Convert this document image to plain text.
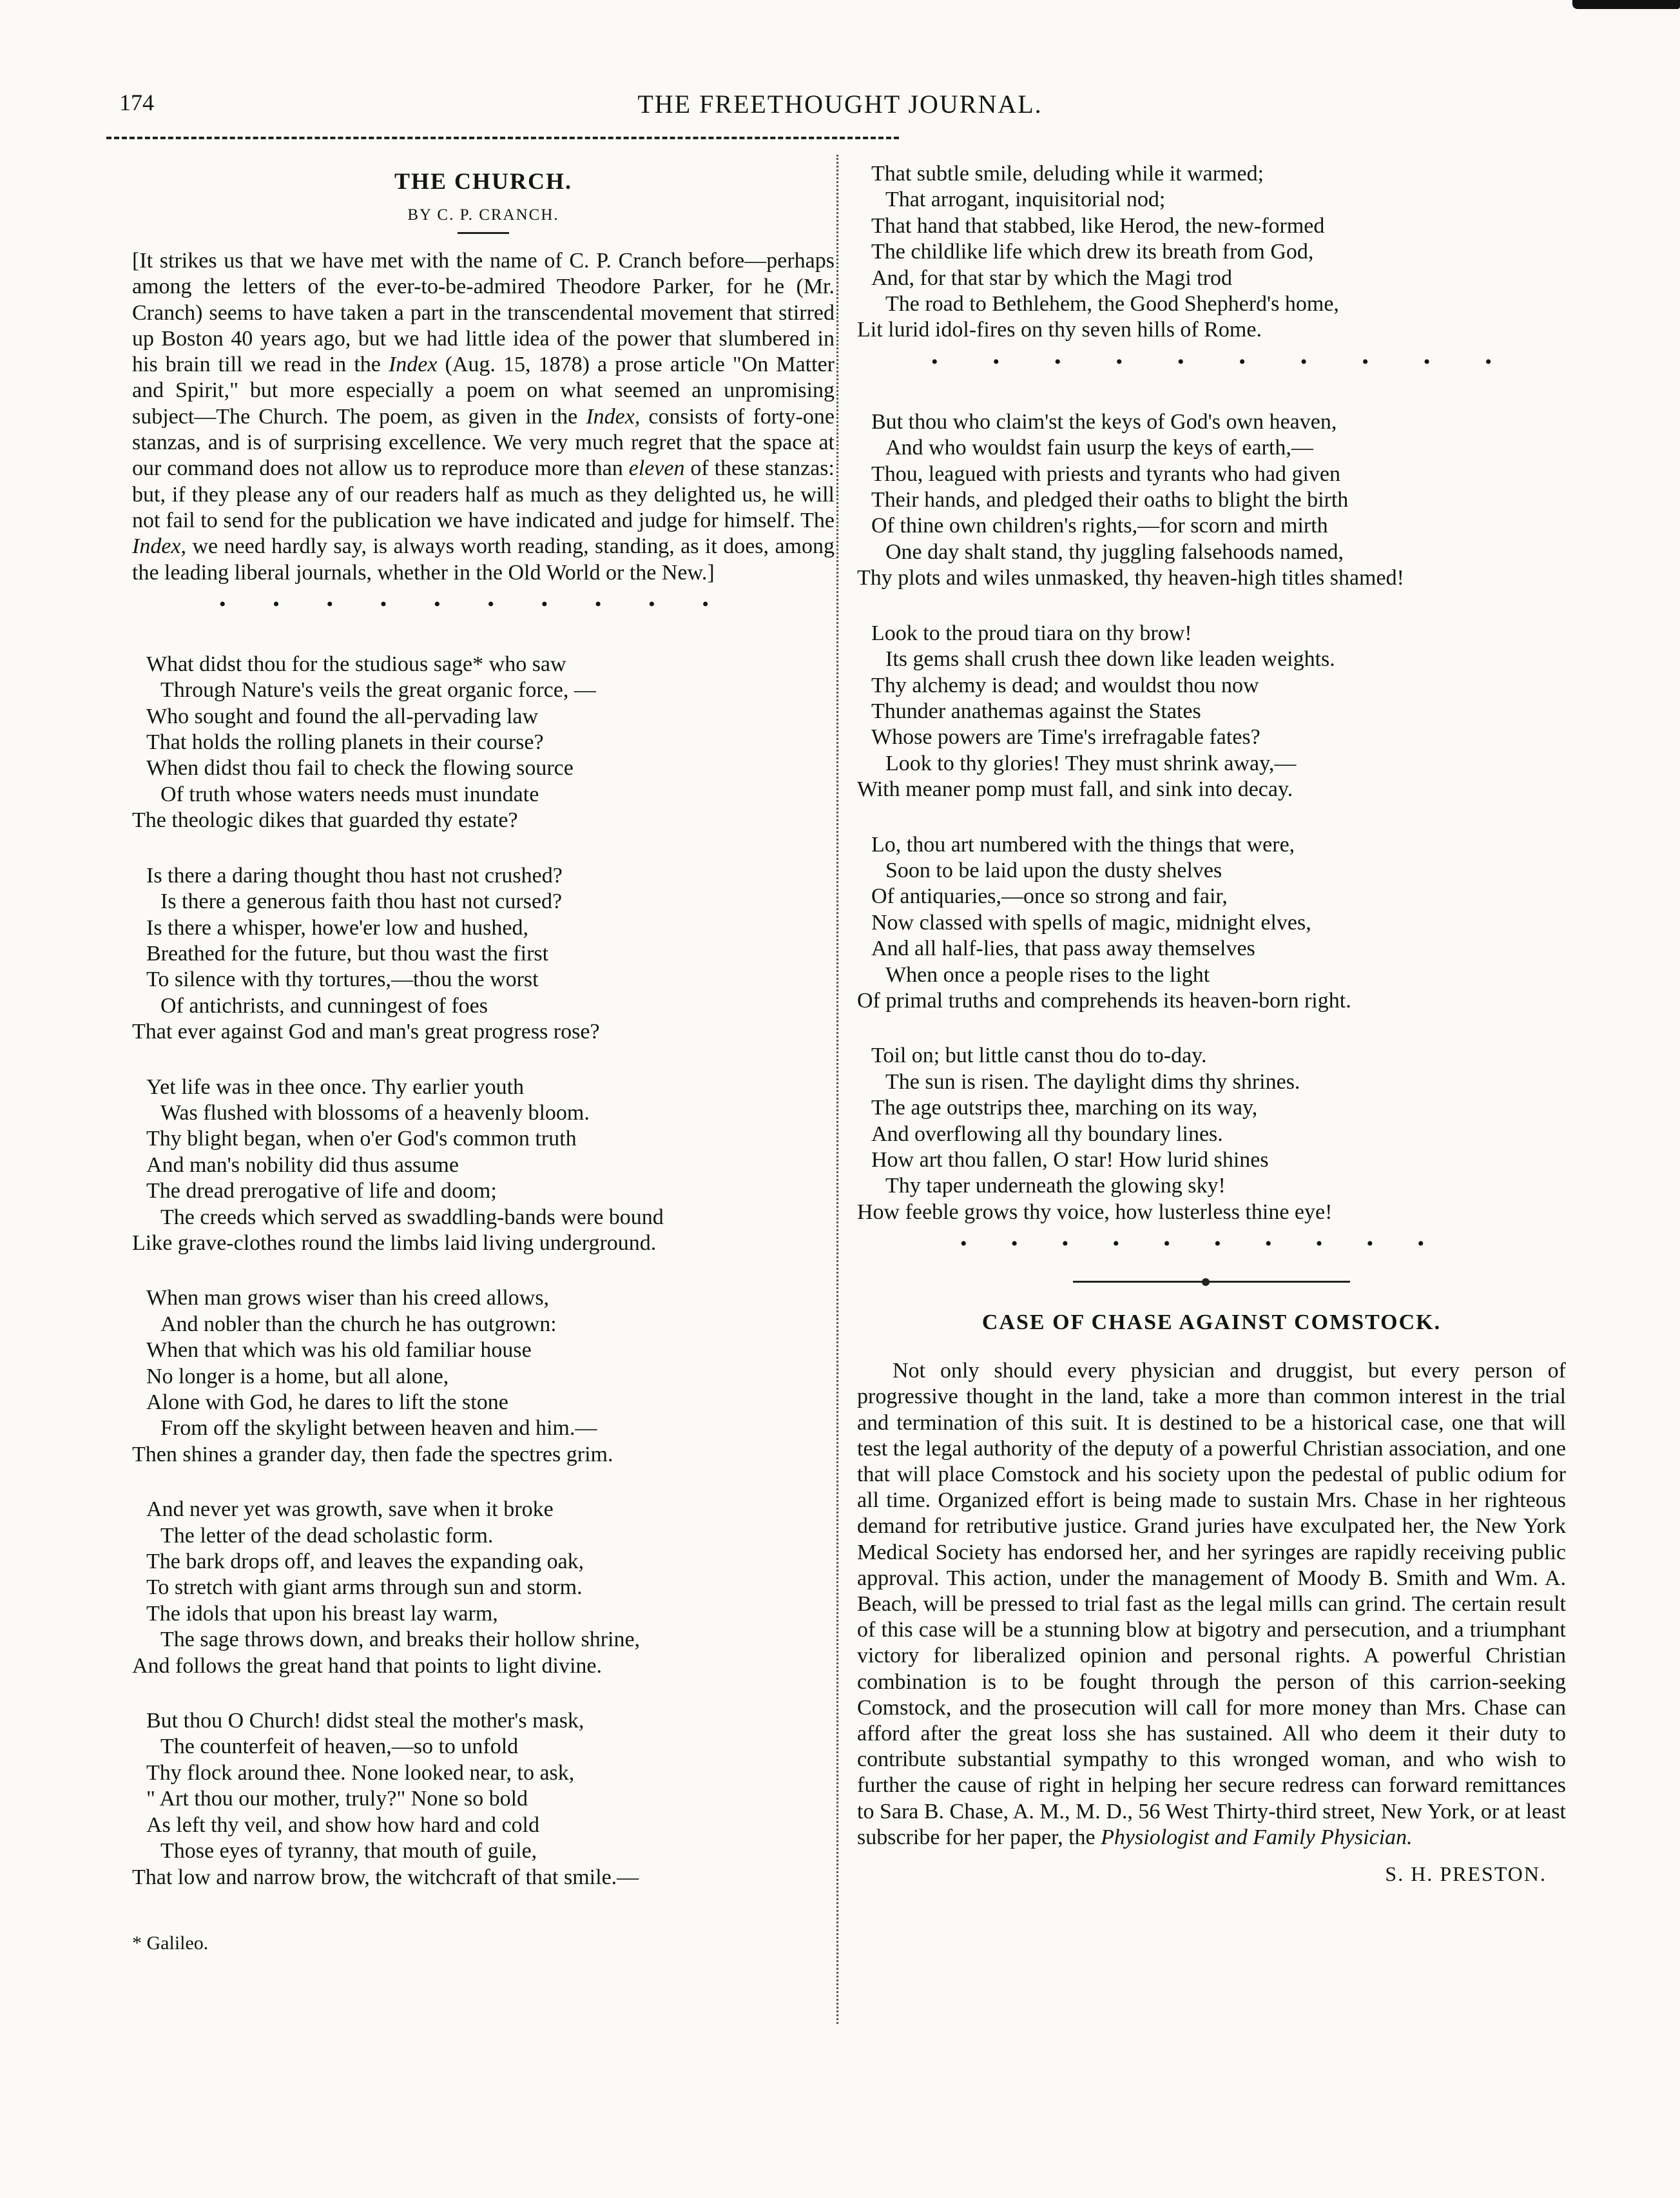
174	THE FREETHOUGHT JOURNAL.
THE CHURCH.
BY C. P. CRANCH.
[It strikes us that we have met with the name of C. P. Cranch before—perhaps among the letters of the ever-to-be-admired Theodore Parker, for he (Mr. Cranch) seems to have taken a part in the transcendental movement that stirred up Boston 40 years ago, but we had little idea of the power that slumbered in his brain till we read in the Index (Aug. 15, 1878) a prose article "On Matter and Spirit," but more especially a poem on what seemed an unpromising subject—The Church. The poem, as given in the Index, consists of forty-one stanzas, and is of surprising excellence. We very much regret that the space at our command does not allow us to reproduce more than eleven of these stanzas: but, if they please any of our readers half as much as they delighted us, he will not fail to send for the publication we have indicated and judge for himself. The Index, we need hardly say, is always worth reading, standing, as it does, among the leading liberal journals, whether in the Old World or the New.]
• • • • • • • • • •
What didst thou for the studious sage* who saw
Through Nature's veils the great organic force, —
Who sought and found the all-pervading law
That holds the rolling planets in their course?
When didst thou fail to check the flowing source
Of truth whose waters needs must inundate
The theologic dikes that guarded thy estate?
Is there a daring thought thou hast not crushed?
Is there a generous faith thou hast not cursed?
Is there a whisper, howe'er low and hushed,
Breathed for the future, but thou wast the first
To silence with thy tortures,—thou the worst
Of antichrists, and cunningest of foes
That ever against God and man's great progress rose?
Yet life was in thee once. Thy earlier youth
Was flushed with blossoms of a heavenly bloom.
Thy blight began, when o'er God's common truth
And man's nobility did thus assume
The dread prerogative of life and doom;
The creeds which served as swaddling-bands were bound
Like grave-clothes round the limbs laid living underground.
When man grows wiser than his creed allows,
And nobler than the church he has outgrown:
When that which was his old familiar house
No longer is a home, but all alone,
Alone with God, he dares to lift the stone
From off the skylight between heaven and him.—
Then shines a grander day, then fade the spectres grim.
And never yet was growth, save when it broke
The letter of the dead scholastic form.
The bark drops off, and leaves the expanding oak,
To stretch with giant arms through sun and storm.
The idols that upon his breast lay warm,
The sage throws down, and breaks their hollow shrine,
And follows the great hand that points to light divine.
But thou O Church! didst steal the mother's mask,
The counterfeit of heaven,—so to unfold
Thy flock around thee. None looked near, to ask,
" Art thou our mother, truly?" None so bold
As left thy veil, and show how hard and cold
Those eyes of tyranny, that mouth of guile,
That low and narrow brow, the witchcraft of that smile.—
* Galileo.
That subtle smile, deluding while it warmed;
That arrogant, inquisitorial nod;
That hand that stabbed, like Herod, the new-formed
The childlike life which drew its breath from God,
And, for that star by which the Magi trod
The road to Bethlehem, the Good Shepherd's home,
Lit lurid idol-fires on thy seven hills of Rome.
•	•	•	•	•	•	•	•	•	•
But thou who claim'st the keys of God's own heaven,
And who wouldst fain usurp the keys of earth,—
Thou, leagued with priests and tyrants who had given
Their hands, and pledged their oaths to blight the birth
Of thine own children's rights,—for scorn and mirth
One day shalt stand, thy juggling falsehoods named,
Thy plots and wiles unmasked, thy heaven-high titles shamed!
Look to the proud tiara on thy brow!
Its gems shall crush thee down like leaden weights.
Thy alchemy is dead; and wouldst thou now
Thunder anathemas against the States
Whose powers are Time's irrefragable fates?
Look to thy glories! They must shrink away,—
With meaner pomp must fall, and sink into decay.
Lo, thou art numbered with the things that were,
Soon to be laid upon the dusty shelves
Of antiquaries,—once so strong and fair,
Now classed with spells of magic, midnight elves,
And all half-lies, that pass away themselves
When once a people rises to the light
Of primal truths and comprehends its heaven-born right.
Toil on; but little canst thou do to-day.
The sun is risen. The daylight dims thy shrines.
The age outstrips thee, marching on its way,
And overflowing all thy boundary lines.
How art thou fallen, O star! How lurid shines
Thy taper underneath the glowing sky!
How feeble grows thy voice, how lusterless thine eye!
• • • • • • • • • •
CASE OF CHASE AGAINST COMSTOCK.
Not only should every physician and druggist, but every person of progressive thought in the land, take a more than common interest in the trial and termination of this suit. It is destined to be a historical case, one that will test the legal authority of the deputy of a powerful Christian association, and one that will place Comstock and his society upon the pedestal of public odium for all time. Organized effort is being made to sustain Mrs. Chase in her righteous demand for retributive justice. Grand juries have exculpated her, the New York Medical Society has endorsed her, and her syringes are rapidly receiving public approval. This action, under the management of Moody B. Smith and Wm. A. Beach, will be pressed to trial fast as the legal mills can grind. The certain result of this case will be a stunning blow at bigotry and persecution, and a triumphant victory for liberalized opinion and personal rights. A powerful Christian combination is to be fought through the person of this carrion-seeking Comstock, and the prosecution will call for more money than Mrs. Chase can afford after the great loss she has sustained. All who deem it their duty to contribute substantial sympathy to this wronged woman, and who wish to further the cause of right in helping her secure redress can forward remittances to Sara B. Chase, A. M., M. D., 56 West Thirty-third street, New York, or at least subscribe for her paper, the Physiologist and Family Physician.
S. H. PRESTON.
